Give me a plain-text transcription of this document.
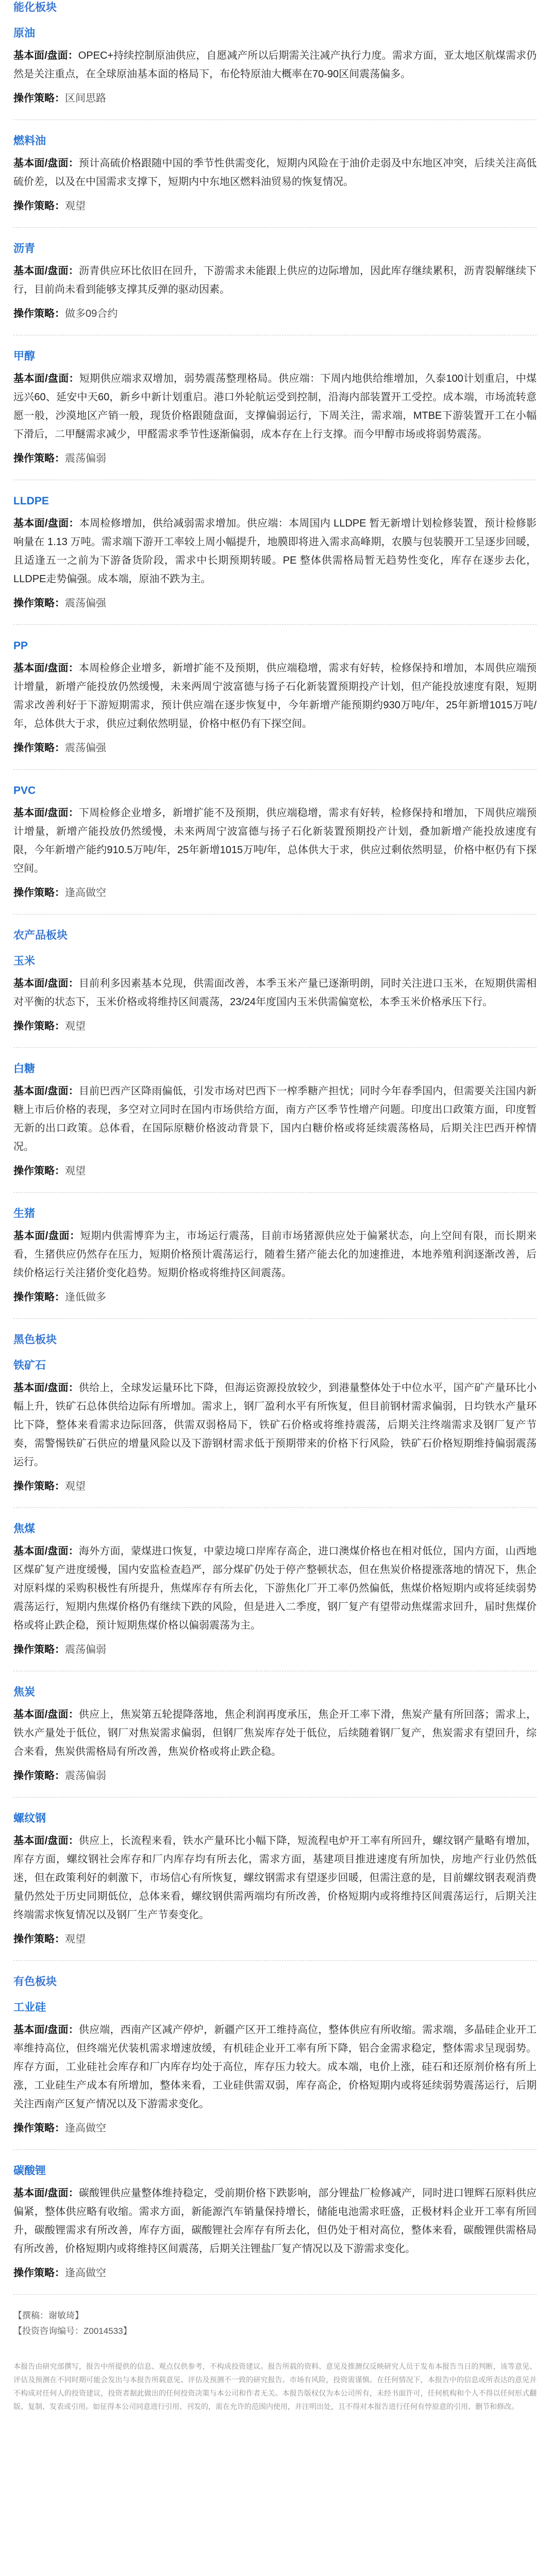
能化板块
原油

基本面/盘面：OPEC+持续控制原油供应，自愿减产所以后期需关注减产执行力度。需求方面，亚太地区航煤需求仍然是关注重点，在全球原油基本面的格局下，布伦特原油大概率在70-90区间震荡偏多。

操作策略：区间思路

燃料油

基本面/盘面：预计高硫价格跟随中国的季节性供需变化，短期内风险在于油价走弱及中东地区冲突，后续关注高低硫价差，以及在中国需求支撑下，短期内中东地区燃料油贸易的恢复情况。

操作策略：观望

沥青

基本面/盘面：沥青供应环比依旧在回升，下游需求未能跟上供应的边际增加，因此库存继续累积，沥青裂解继续下行，目前尚未看到能够支撑其反弹的驱动因素。

操作策略：做多09合约

甲醇

基本面/盘面：短期供应端求双增加，弱势震荡整理格局。供应端：下周内地供给维增加，久泰100计划重启，中煤远兴60、延安中天60，新乡中新计划重启。港口外轮航运受到控制，沿海内部装置开工受控。成本端，市场流转意愿一般，沙漠地区产销一般，现货价格跟随盘面，支撑偏弱运行，下周关注，需求端，MTBE下游装置开工在小幅下滑后，二甲醚需求减少，甲醛需求季节性逐渐偏弱，成本存在上行支撑。而今甲醇市场或将弱势震荡。

操作策略：震荡偏弱

LLDPE

基本面/盘面：本周检修增加，供给减弱需求增加。供应端：本周国内 LLDPE 暂无新增计划检修装置，预计检修影响量在 1.13 万吨。需求端下游开工率较上周小幅提升，地膜即将进入需求高峰期，农膜与包装膜开工呈逐步回暖，且适逢五一之前为下游备货阶段，需求中长期预期转暖。PE 整体供需格局暂无趋势性变化，库存在逐步去化，LLDPE走势偏强。成本端，原油不跌为主。

操作策略：震荡偏强

PP

基本面/盘面：本周检修企业增多，新增扩能不及预期，供应端稳增，需求有好转，检修保持和增加，本周供应端预计增量，新增产能投放仍然缓慢，未来两周宁波富德与扬子石化新装置预期投产计划，但产能投放速度有限，短期需求改善利好于下游短期需求，预计供应端在逐步恢复中，今年新增产能预期约930万吨/年，25年新增1015万吨/年，总体供大于求，供应过剩依然明显，价格中枢仍有下探空间。

操作策略：震荡偏强

PVC

基本面/盘面：下周检修企业增多，新增扩能不及预期，供应端稳增，需求有好转，检修保持和增加，下周供应端预计增量，新增产能投放仍然缓慢，未来两周宁波富德与扬子石化新装置预期投产计划，叠加新增产能投放速度有限，今年新增产能约910.5万吨/年，25年新增1015万吨/年，总体供大于求，供应过剩依然明显，价格中枢仍有下探空间。

操作策略：逢高做空

农产品板块
玉米

基本面/盘面：目前利多因素基本兑现，供需面改善，本季玉米产量已逐渐明朗，同时关注进口玉米，在短期供需相对平衡的状态下，玉米价格或将维持区间震荡，23/24年度国内玉米供需偏宽松，本季玉米价格承压下行。

操作策略：观望

白糖

基本面/盘面：目前巴西产区降雨偏低，引发市场对巴西下一榨季糖产担忧；同时今年春季国内，但需要关注国内新糖上市后价格的表现，多空对立同时在国内市场供给方面，南方产区季节性增产问题。印度出口政策方面，印度暂无新的出口政策。总体看，在国际原糖价格波动背景下，国内白糖价格或将延续震荡格局，后期关注巴西开榨情况。

操作策略：观望

生猪

基本面/盘面：短期内供需博弈为主，市场运行震荡，目前市场猪源供应处于偏紧状态，向上空间有限，而长期来看，生猪供应仍然存在压力，短期价格预计震荡运行，随着生猪产能去化的加速推进，本地养殖利润逐渐改善，后续价格运行关注猪价变化趋势。短期价格或将维持区间震荡。

操作策略：逢低做多

黑色板块
铁矿石

基本面/盘面：供给上，全球发运量环比下降，但海运资源投放较少，到港量整体处于中位水平，国产矿产量环比小幅上升，铁矿石总体供给边际有所增加。需求上，钢厂盈利水平有所恢复，但目前钢材需求偏弱，日均铁水产量环比下降，整体来看需求边际回落，供需双弱格局下，铁矿石价格或将维持震荡，后期关注终端需求及钢厂复产节奏，需警惕铁矿石供应的增量风险以及下游钢材需求低于预期带来的价格下行风险，铁矿石价格短期维持偏弱震荡运行。

操作策略：观望

焦煤

基本面/盘面：海外方面，蒙煤进口恢复，中蒙边境口岸库存高企，进口澳煤价格也在相对低位，国内方面，山西地区煤矿复产进度缓慢，国内安监检查趋严，部分煤矿仍处于停产整顿状态，但在焦炭价格提涨落地的情况下，焦企对原料煤的采购积极性有所提升，焦煤库存有所去化，下游焦化厂开工率仍然偏低，焦煤价格短期内或将延续弱势震荡运行，短期内焦煤价格仍有继续下跌的风险，但是进入二季度，钢厂复产有望带动焦煤需求回升，届时焦煤价格或将止跌企稳，预计短期焦煤价格以偏弱震荡为主。

操作策略：震荡偏弱

焦炭

基本面/盘面：供应上，焦炭第五轮提降落地，焦企利润再度承压，焦企开工率下滑，焦炭产量有所回落；需求上，铁水产量处于低位，钢厂对焦炭需求偏弱，但钢厂焦炭库存处于低位，后续随着钢厂复产，焦炭需求有望回升，综合来看，焦炭供需格局有所改善，焦炭价格或将止跌企稳。

操作策略：震荡偏弱

螺纹钢

基本面/盘面：供应上，长流程来看，铁水产量环比小幅下降，短流程电炉开工率有所回升，螺纹钢产量略有增加，库存方面，螺纹钢社会库存和厂内库存均有所去化，需求方面，基建项目推进速度有所加快，房地产行业仍然低迷，但在政策利好的刺激下，市场信心有所恢复，螺纹钢需求有望逐步回暖，但需注意的是，目前螺纹钢表观消费量仍然处于历史同期低位，总体来看，螺纹钢供需两端均有所改善，价格短期内或将维持区间震荡运行，后期关注终端需求恢复情况以及钢厂生产节奏变化。

操作策略：观望

有色板块
工业硅

基本面/盘面：供应端，西南产区减产停炉，新疆产区开工维持高位，整体供应有所收缩。需求端，多晶硅企业开工率维持高位，但终端光伏装机需求增速放缓，有机硅企业开工率有所下降，铝合金需求稳定，整体需求呈现弱势。库存方面，工业硅社会库存和厂内库存均处于高位，库存压力较大。成本端，电价上涨，硅石和还原剂价格有所上涨，工业硅生产成本有所增加，整体来看，工业硅供需双弱，库存高企，价格短期内或将延续弱势震荡运行，后期关注西南产区复产情况以及下游需求变化。

操作策略：逢高做空

碳酸锂

基本面/盘面：碳酸锂供应量整体维持稳定，受前期价格下跌影响，部分锂盐厂检修减产，同时进口锂辉石原料供应偏紧，整体供应略有收缩。需求方面，新能源汽车销量保持增长，储能电池需求旺盛，正极材料企业开工率有所回升，碳酸锂需求有所改善，库存方面，碳酸锂社会库存有所去化，但仍处于相对高位，整体来看，碳酸锂供需格局有所改善，价格短期内或将维持区间震荡，后期关注锂盐厂复产情况以及下游需求变化。

操作策略：逢高做空

【撰稿：谢敏琦】
【投资咨询编号：Z0014533】
本报告由研究部撰写，报告中所提供的信息、观点仅供参考，不构成投资建议。报告所载的资料、意见及推测仅反映研究人员于发布本报告当日的判断，该等意见、评估及预测在不同时期可能会发出与本报告所载意见、评估及预测不一致的研究报告。市场有风险，投资需谨慎。在任何情况下，本报告中的信息或所表达的意见并不构成对任何人的投资建议，投资者据此做出的任何投资决策与本公司和作者无关。本报告版权仅为本公司所有，未经书面许可，任何机构和个人不得以任何形式翻版、复制、发表或引用。如征得本公司同意进行引用、刊发的，需在允许的范围内使用，并注明出处，且不得对本报告进行任何有悖原意的引用、删节和修改。
